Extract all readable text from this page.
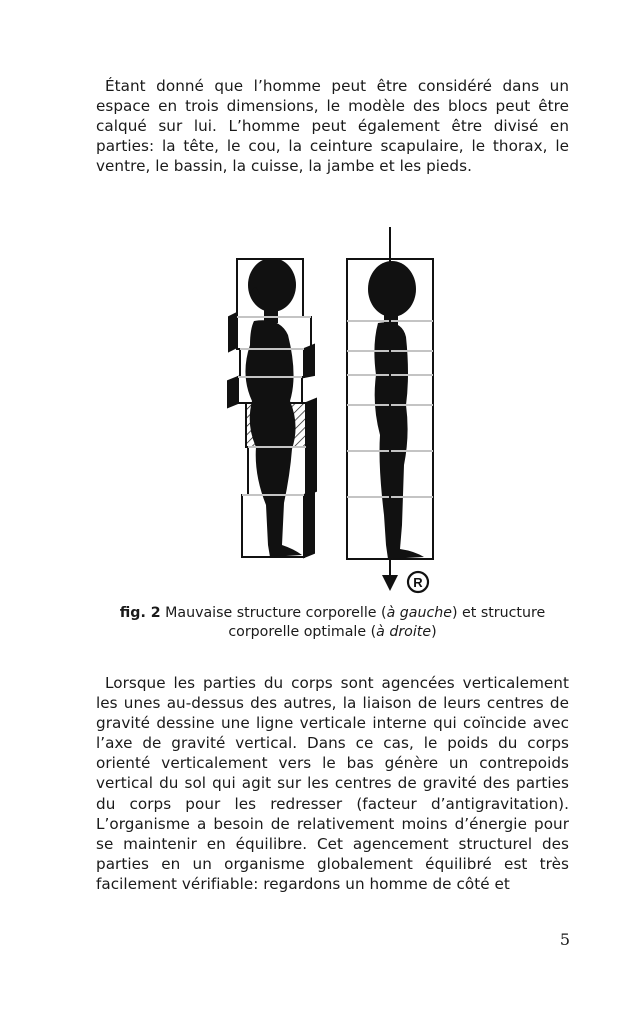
Étant donné que l’homme peut être considéré dans un espace en trois dimensions, le modèle des blocs peut être calqué sur lui. L’homme peut également être divisé en parties: la tête, le cou, la ceinture scapulaire, le thorax, le ventre, le bassin, la cuisse, la jambe et les pieds.

R
fig. 2 Mauvaise structure corporelle (à gauche) et structure corporelle optimale (à droite)

Lorsque les parties du corps sont agencées verticalement les unes au-dessus des autres, la liaison de leurs centres de gravité dessine une ligne verticale interne qui coïncide avec l’axe de gravité vertical. Dans ce cas, le poids du corps orienté verticalement vers le bas génère un contrepoids vertical du sol qui agit sur les centres de gravité des parties du corps pour les redresser (facteur d’antigravitation). L’organisme a besoin de relativement moins d’énergie pour se maintenir en équilibre. Cet agencement structurel des parties en un organisme globalement équilibré est très facilement vérifiable: regardons un homme de côté et

5
